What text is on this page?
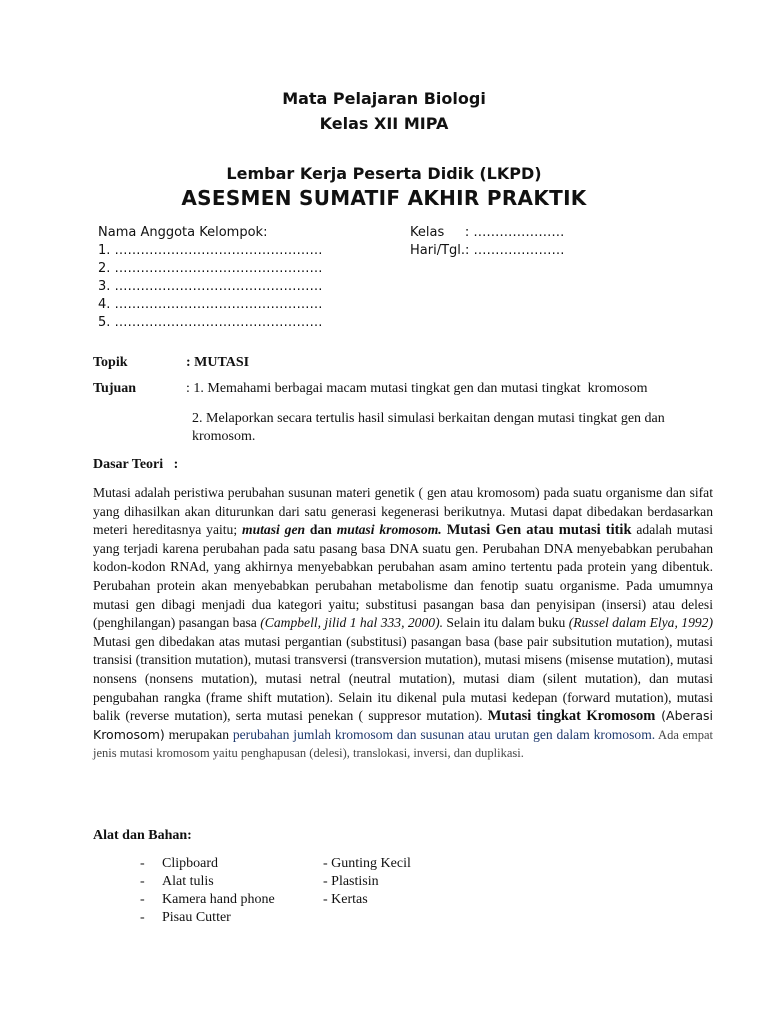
Mata Pelajaran Biologi
Kelas XII MIPA
Lembar Kerja Peserta Didik (LKPD)
ASESMEN SUMATIF AKHIR PRAKTIK
Nama Anggota Kelompok:
1. …………………………………………
2. …………………………………………
3. …………………………………………
4. …………………………………………
5. …………………………………………
Kelas     : …………………
Hari/Tgl.: …………………
Topik	: MUTASI
Tujuan	: 1. Memahami berbagai macam mutasi tingkat gen dan mutasi tingkat  kromosom
2. Melaporkan secara tertulis hasil simulasi berkaitan dengan mutasi tingkat gen dan kromosom.
Dasar Teori   :
Mutasi adalah peristiwa perubahan susunan materi genetik ( gen atau kromosom) pada suatu organisme dan sifat yang dihasilkan akan diturunkan dari satu generasi kegenerasi berikutnya. Mutasi dapat dibedakan berdasarkan meteri hereditasnya yaitu; mutasi gen dan mutasi kromosom. Mutasi Gen atau mutasi titik adalah mutasi yang terjadi karena perubahan pada satu pasang basa DNA suatu gen. Perubahan DNA menyebabkan perubahan kodon-kodon RNAd, yang akhirnya menyebabkan perubahan asam amino tertentu pada protein yang dibentuk. Perubahan protein akan menyebabkan perubahan metabolisme dan fenotip suatu organisme. Pada umumnya mutasi gen dibagi menjadi dua kategori yaitu; substitusi pasangan basa dan penyisipan (insersi) atau delesi (penghilangan) pasangan basa (Campbell, jilid 1 hal 333, 2000). Selain itu dalam buku (Russel dalam Elya, 1992) Mutasi gen dibedakan atas mutasi pergantian (substitusi) pasangan basa (base pair subsitution mutation), mutasi transisi (transition mutation), mutasi transversi (transversion mutation), mutasi misens (misense mutation), mutasi nonsens (nonsens mutation), mutasi netral (neutral mutation), mutasi diam (silent mutation), dan mutasi pengubahan rangka (frame shift mutation). Selain itu dikenal pula mutasi kedepan (forward mutation), mutasi balik (reverse mutation), serta mutasi penekan ( suppresor mutation). Mutasi tingkat Kromosom (Aberasi Kromosom) merupakan perubahan jumlah kromosom dan susunan atau urutan gen dalam kromosom. Ada empat jenis mutasi kromosom yaitu penghapusan (delesi), translokasi, inversi, dan duplikasi.
Alat dan Bahan:
- Clipboard
- Alat tulis
- Kamera hand phone
- Pisau Cutter
- Gunting Kecil
- Plastisin
- Kertas
